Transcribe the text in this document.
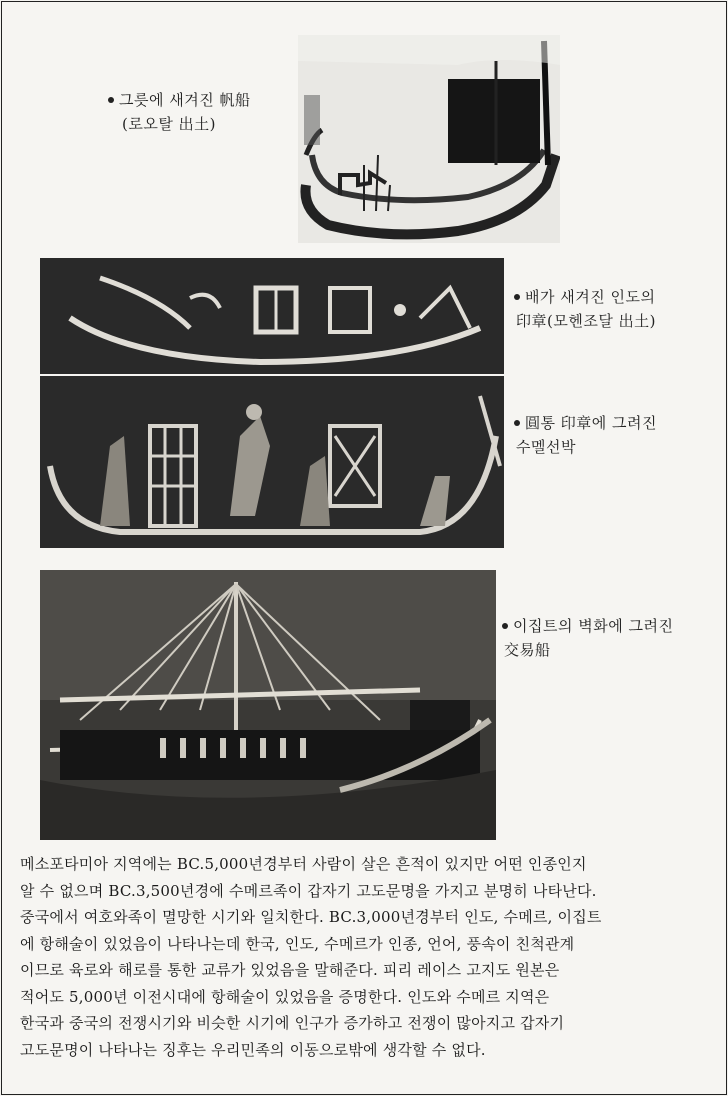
그릇에 새겨진 帆船
(로오탈 出土)
배가 새겨진 인도의
印章(모헨조달 出土)
圓통 印章에 그려진
수멜선박
이집트의 벽화에 그려진
交易船

메소포타미아 지역에는 BC.5,000년경부터 사람이 살은 흔적이 있지만 어떤 인종인지

알 수 없으며 BC.3,500년경에 수메르족이 갑자기 고도문명을 가지고 분명히 나타난다.

중국에서 여호와족이 멸망한 시기와 일치한다. BC.3,000년경부터 인도, 수메르, 이집트

에 항해술이 있었음이 나타나는데 한국, 인도, 수메르가 인종, 언어, 풍속이 친척관계

이므로 육로와 해로를 통한 교류가 있었음을 말해준다. 피리 레이스 고지도 원본은

적어도 5,000년 이전시대에 항해술이 있었음을 증명한다. 인도와 수메르 지역은

한국과 중국의 전쟁시기와 비슷한 시기에 인구가 증가하고 전쟁이 많아지고 갑자기

고도문명이 나타나는 징후는 우리민족의 이동으로밖에 생각할 수 없다.
